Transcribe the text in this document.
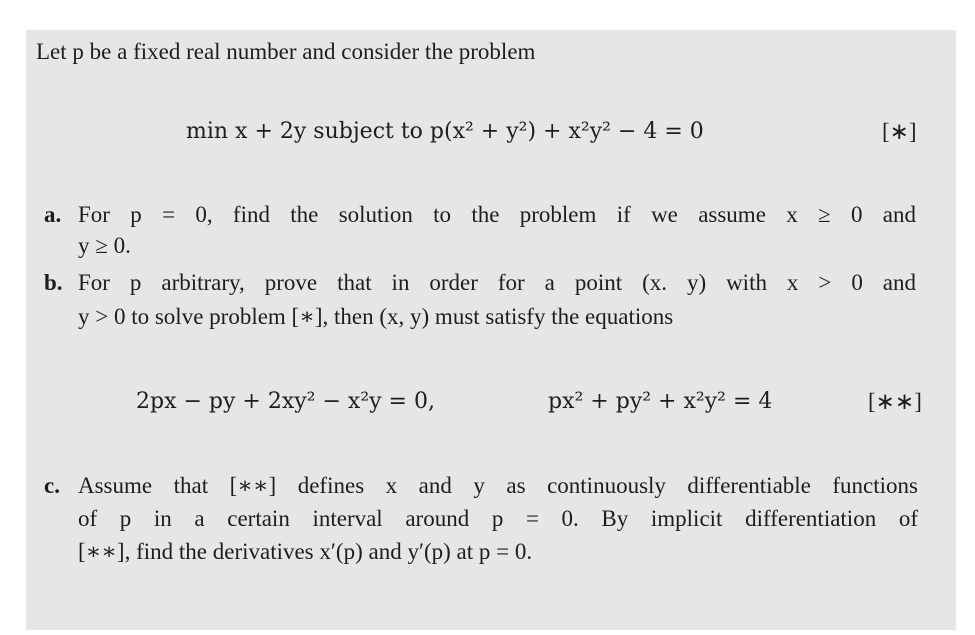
Let p be a fixed real number and consider the problem
min x + 2y subject to p(x² + y²) + x²y² − 4 = 0	[∗]
a. For p = 0, find the solution to the problem if we assume x ≥ 0 and
y ≥ 0.
b. For p arbitrary, prove that in order for a point (x. y) with x > 0 and
y > 0 to solve problem [∗], then (x, y) must satisfy the equations
2px − py + 2xy² − x²y = 0,	px² + py² + x²y² = 4	[∗∗]
c. Assume that [∗∗] defines x and y as continuously differentiable functions
of p in a certain interval around p = 0. By implicit differentiation of
[∗∗], find the derivatives x′(p) and y′(p) at p = 0.
